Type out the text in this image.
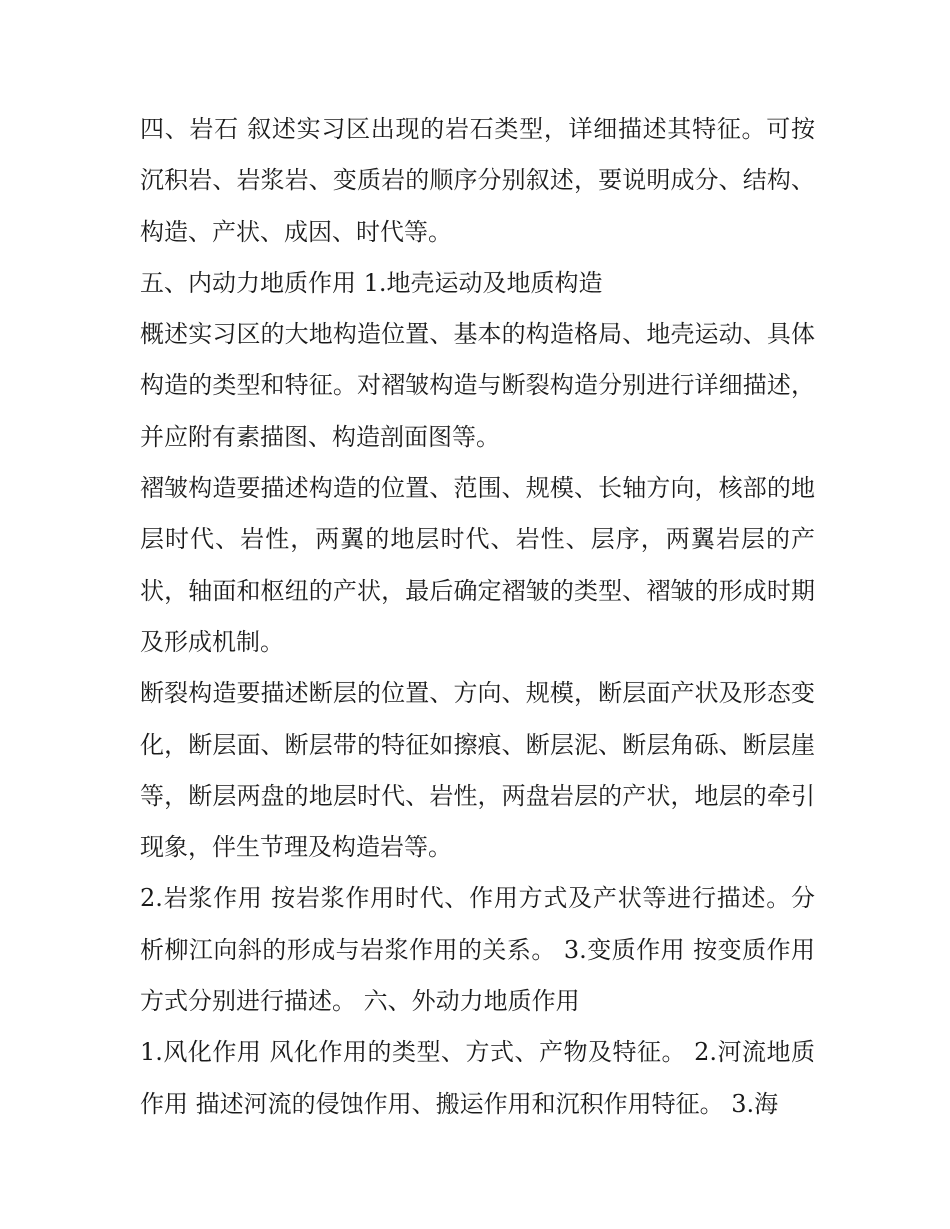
四、岩石 叙述实习区出现的岩石类型，详细描述其特征。可按沉积岩、岩浆岩、变质岩的顺序分别叙述，要说明成分、结构、构造、产状、成因、时代等。

五、内动力地质作用 1.地壳运动及地质构造

概述实习区的大地构造位置、基本的构造格局、地壳运动、具体构造的类型和特征。对褶皱构造与断裂构造分别进行详细描述，并应附有素描图、构造剖面图等。

褶皱构造要描述构造的位置、范围、规模、长轴方向，核部的地层时代、岩性，两翼的地层时代、岩性、层序，两翼岩层的产状，轴面和枢纽的产状，最后确定褶皱的类型、褶皱的形成时期及形成机制。

断裂构造要描述断层的位置、方向、规模，断层面产状及形态变化，断层面、断层带的特征如擦痕、断层泥、断层角砾、断层崖等，断层两盘的地层时代、岩性，两盘岩层的产状，地层的牵引现象，伴生节理及构造岩等。

2.岩浆作用 按岩浆作用时代、作用方式及产状等进行描述。分析柳江向斜的形成与岩浆作用的关系。 3.变质作用 按变质作用方式分别进行描述。 六、外动力地质作用

1.风化作用 风化作用的类型、方式、产物及特征。 2.河流地质作用 描述河流的侵蚀作用、搬运作用和沉积作用特征。 3.海
